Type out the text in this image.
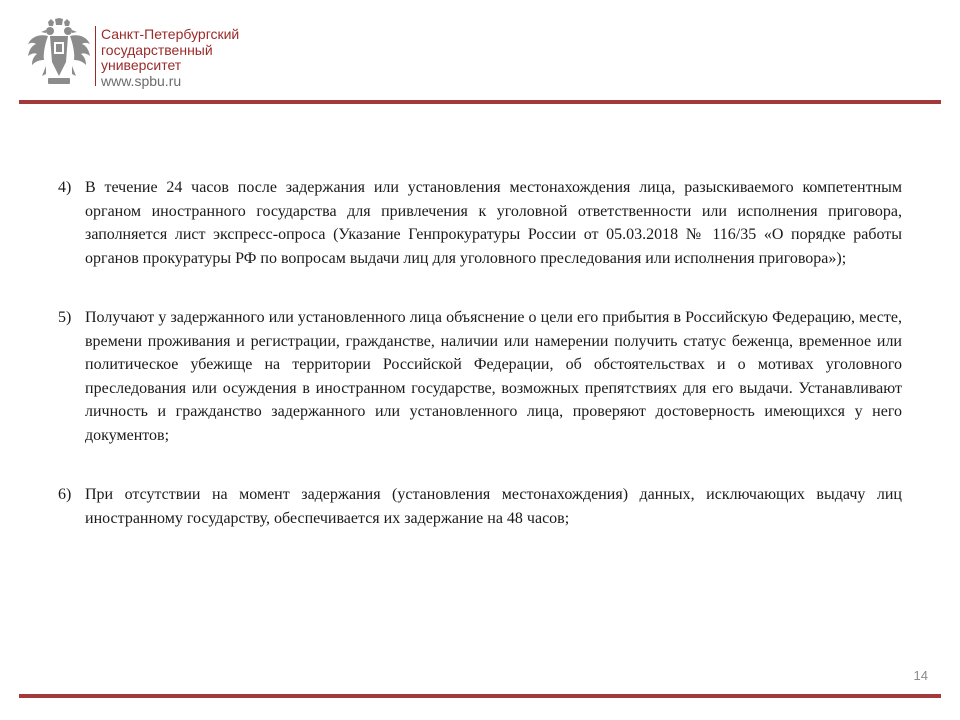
Санкт-Петербургский
государственный
университет
www.spbu.ru
4) В течение 24 часов после задержания или установления местонахождения лица, разыскиваемого компетентным органом иностранного государства для привлечения к уголовной ответственности или исполнения приговора, заполняется лист экспресс-опроса (Указание Генпрокуратуры России от 05.03.2018 № 116/35 «О порядке работы органов прокуратуры РФ по вопросам выдачи лиц для уголовного преследования или исполнения приговора»);
5) Получают у задержанного или установленного лица объяснение о цели его прибытия в Российскую Федерацию, месте, времени проживания и регистрации, гражданстве, наличии или намерении получить статус беженца, временное или политическое убежище на территории Российской Федерации, об обстоятельствах и о мотивах уголовного преследования или осуждения в иностранном государстве, возможных препятствиях для его выдачи. Устанавливают личность и гражданство задержанного или установленного лица, проверяют достоверность имеющихся у него документов;
6) При отсутствии на момент задержания (установления местонахождения) данных, исключающих выдачу лиц иностранному государству, обеспечивается их задержание на 48 часов;
14
